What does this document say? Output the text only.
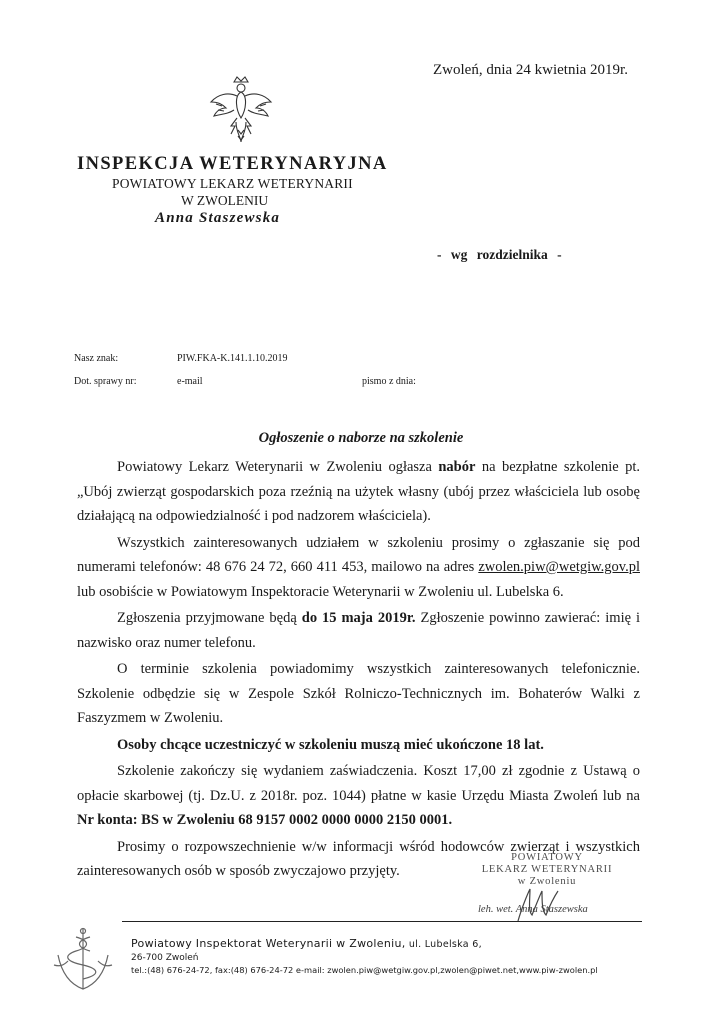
Zwoleń, dnia 24 kwietnia 2019r.
INSPEKCJA WETERYNARYJNA
POWIATOWY LEKARZ WETERYNARII
W ZWOLENIU
Anna Staszewska
- wg rozdzielnika -
Nasz znak:	PIW.FKA-K.141.1.10.2019
Dot. sprawy nr:	e-mail	pismo z dnia:
Ogłoszenie o naborze na szkolenie

Powiatowy Lekarz Weterynarii w Zwoleniu ogłasza nabór na bezpłatne szkolenie pt. „Ubój zwierząt gospodarskich poza rzeźnią na użytek własny (ubój przez właściciela lub osobę działającą na odpowiedzialność i pod nadzorem właściciela).

Wszystkich zainteresowanych udziałem w szkoleniu prosimy o zgłaszanie się pod numerami telefonów: 48 676 24 72, 660 411 453, mailowo na adres zwolen.piw@wetgiw.gov.pl lub osobiście w Powiatowym Inspektoracie Weterynarii w Zwoleniu ul. Lubelska 6.

Zgłoszenia przyjmowane będą do 15 maja 2019r. Zgłoszenie powinno zawierać: imię i nazwisko oraz numer telefonu.

O terminie szkolenia powiadomimy wszystkich zainteresowanych telefonicznie. Szkolenie odbędzie się w Zespole Szkół Rolniczo-Technicznych im. Bohaterów Walki z Faszyzmem w Zwoleniu.

Osoby chcące uczestniczyć w szkoleniu muszą mieć ukończone 18 lat.

Szkolenie zakończy się wydaniem zaświadczenia. Koszt 17,00 zł zgodnie z Ustawą o opłacie skarbowej (tj. Dz.U. z 2018r. poz. 1044) płatne w kasie Urzędu Miasta Zwoleń lub na Nr konta: BS w Zwoleniu 68 9157 0002 0000 0000 2150 0001.

Prosimy o rozpowszechnienie w/w informacji wśród hodowców zwierząt i wszystkich zainteresowanych osób w sposób zwyczajowo przyjęty.

POWIATOWY
LEKARZ WETERYNARII
w Zwoleniu
leh. wet. Anna Staszewska
Powiatowy Inspektorat Weterynarii w Zwoleniu, ul. Lubelska 6,
26-700 Zwoleń
tel.:(48) 676-24-72, fax:(48) 676-24-72 e-mail: zwolen.piw@wetgiw.gov.pl,zwolen@piwet.net,www.piw-zwolen.pl
